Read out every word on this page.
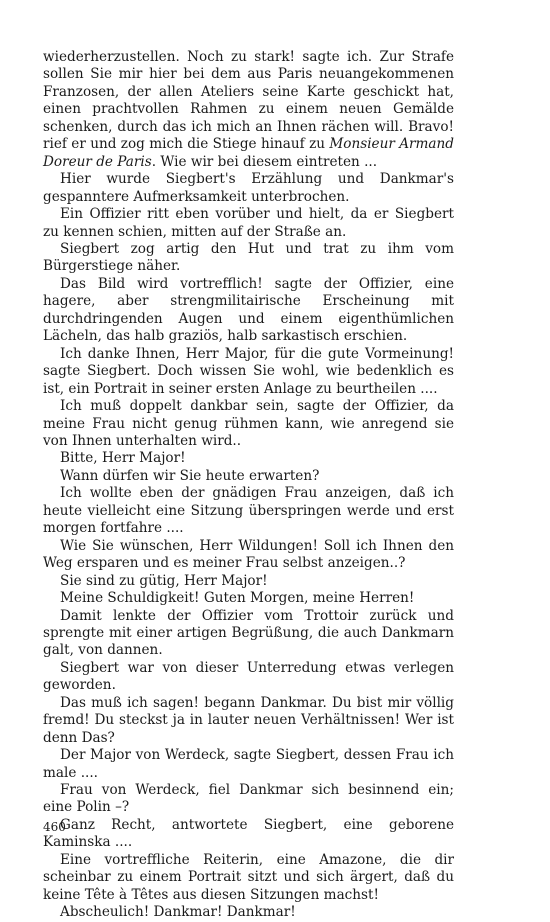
wiederherzustellen. Noch zu stark! sagte ich. Zur Strafe sollen Sie mir hier bei dem aus Paris neuangekommenen Franzosen, der allen Ateliers seine Karte geschickt hat, einen prachtvollen Rahmen zu einem neuen Gemälde schenken, durch das ich mich an Ihnen rächen will. Bravo! rief er und zog mich die Stiege hinauf zu Monsieur Armand Doreur de Paris. Wie wir bei diesem eintreten ...

Hier wurde Siegbert's Erzählung und Dankmar's gespanntere Aufmerksamkeit unterbrochen.

Ein Offizier ritt eben vorüber und hielt, da er Siegbert zu kennen schien, mitten auf der Straße an.

Siegbert zog artig den Hut und trat zu ihm vom Bürgerstiege näher.

Das Bild wird vortrefflich! sagte der Offizier, eine hagere, aber strengmilitairische Erscheinung mit durchdringenden Augen und einem eigenthümlichen Lächeln, das halb graziös, halb sarkastisch erschien.

Ich danke Ihnen, Herr Major, für die gute Vormeinung! sagte Siegbert. Doch wissen Sie wohl, wie bedenklich es ist, ein Portrait in seiner ersten Anlage zu beurtheilen ....

Ich muß doppelt dankbar sein, sagte der Offizier, da meine Frau nicht genug rühmen kann, wie anregend sie von Ihnen unterhalten wird..

Bitte, Herr Major!

Wann dürfen wir Sie heute erwarten?

Ich wollte eben der gnädigen Frau anzeigen, daß ich heute vielleicht eine Sitzung überspringen werde und erst morgen fortfahre ....

Wie Sie wünschen, Herr Wildungen! Soll ich Ihnen den Weg ersparen und es meiner Frau selbst anzeigen..?

Sie sind zu gütig, Herr Major!

Meine Schuldigkeit! Guten Morgen, meine Herren!

Damit lenkte der Offizier vom Trottoir zurück und sprengte mit einer artigen Begrüßung, die auch Dankmarn galt, von dannen.

Siegbert war von dieser Unterredung etwas verlegen geworden.

Das muß ich sagen! begann Dankmar. Du bist mir völlig fremd! Du steckst ja in lauter neuen Verhältnissen! Wer ist denn Das?

Der Major von Werdeck, sagte Siegbert, dessen Frau ich male ....

Frau von Werdeck, fiel Dankmar sich besinnend ein; eine Polin –?

Ganz Recht, antwortete Siegbert, eine geborene Kaminska ....

Eine vortreffliche Reiterin, eine Amazone, die dir scheinbar zu einem Portrait sitzt und sich ärgert, daß du keine Tête à Têtes aus diesen Sitzungen machst!

Abscheulich! Dankmar! Dankmar!

460
